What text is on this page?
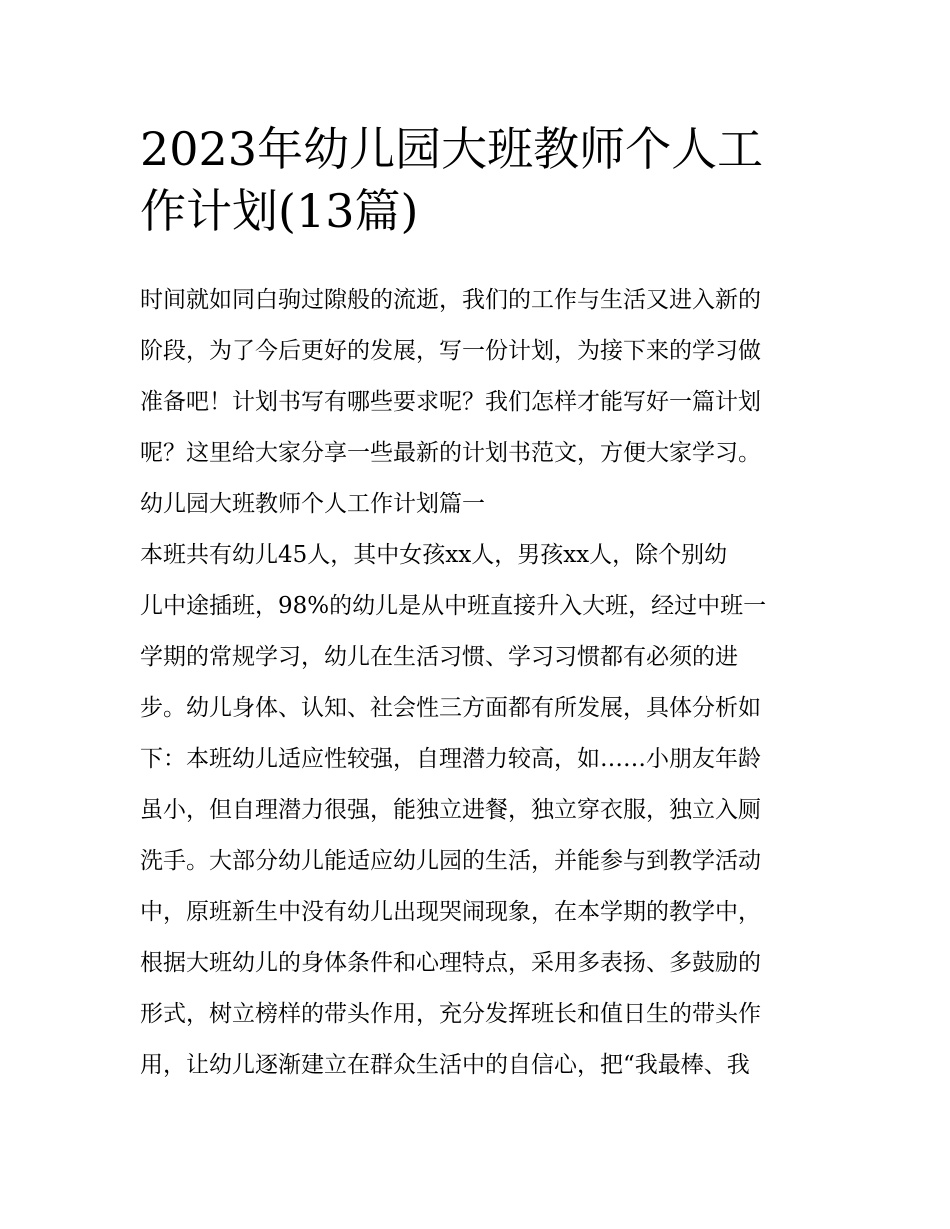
2023年幼儿园大班教师个人工
作计划(13篇)

时间就如同白驹过隙般的流逝，我们的工作与生活又进入新的

阶段，为了今后更好的发展，写一份计划，为接下来的学习做

准备吧！计划书写有哪些要求呢？我们怎样才能写好一篇计划

呢？这里给大家分享一些最新的计划书范文，方便大家学习。

幼儿园大班教师个人工作计划篇一

本班共有幼儿45人，其中女孩xx人，男孩xx人，除个别幼

儿中途插班，98%的幼儿是从中班直接升入大班，经过中班一

学期的常规学习，幼儿在生活习惯、学习习惯都有必须的进

步。幼儿身体、认知、社会性三方面都有所发展，具体分析如

下：本班幼儿适应性较强，自理潜力较高，如……小朋友年龄

虽小，但自理潜力很强，能独立进餐，独立穿衣服，独立入厕

洗手。大部分幼儿能适应幼儿园的生活，并能参与到教学活动

中，原班新生中没有幼儿出现哭闹现象，在本学期的教学中，

根据大班幼儿的身体条件和心理特点，采用多表扬、多鼓励的

形式，树立榜样的带头作用，充分发挥班长和值日生的带头作

用，让幼儿逐渐建立在群众生活中的自信心，把“我最棒、我
